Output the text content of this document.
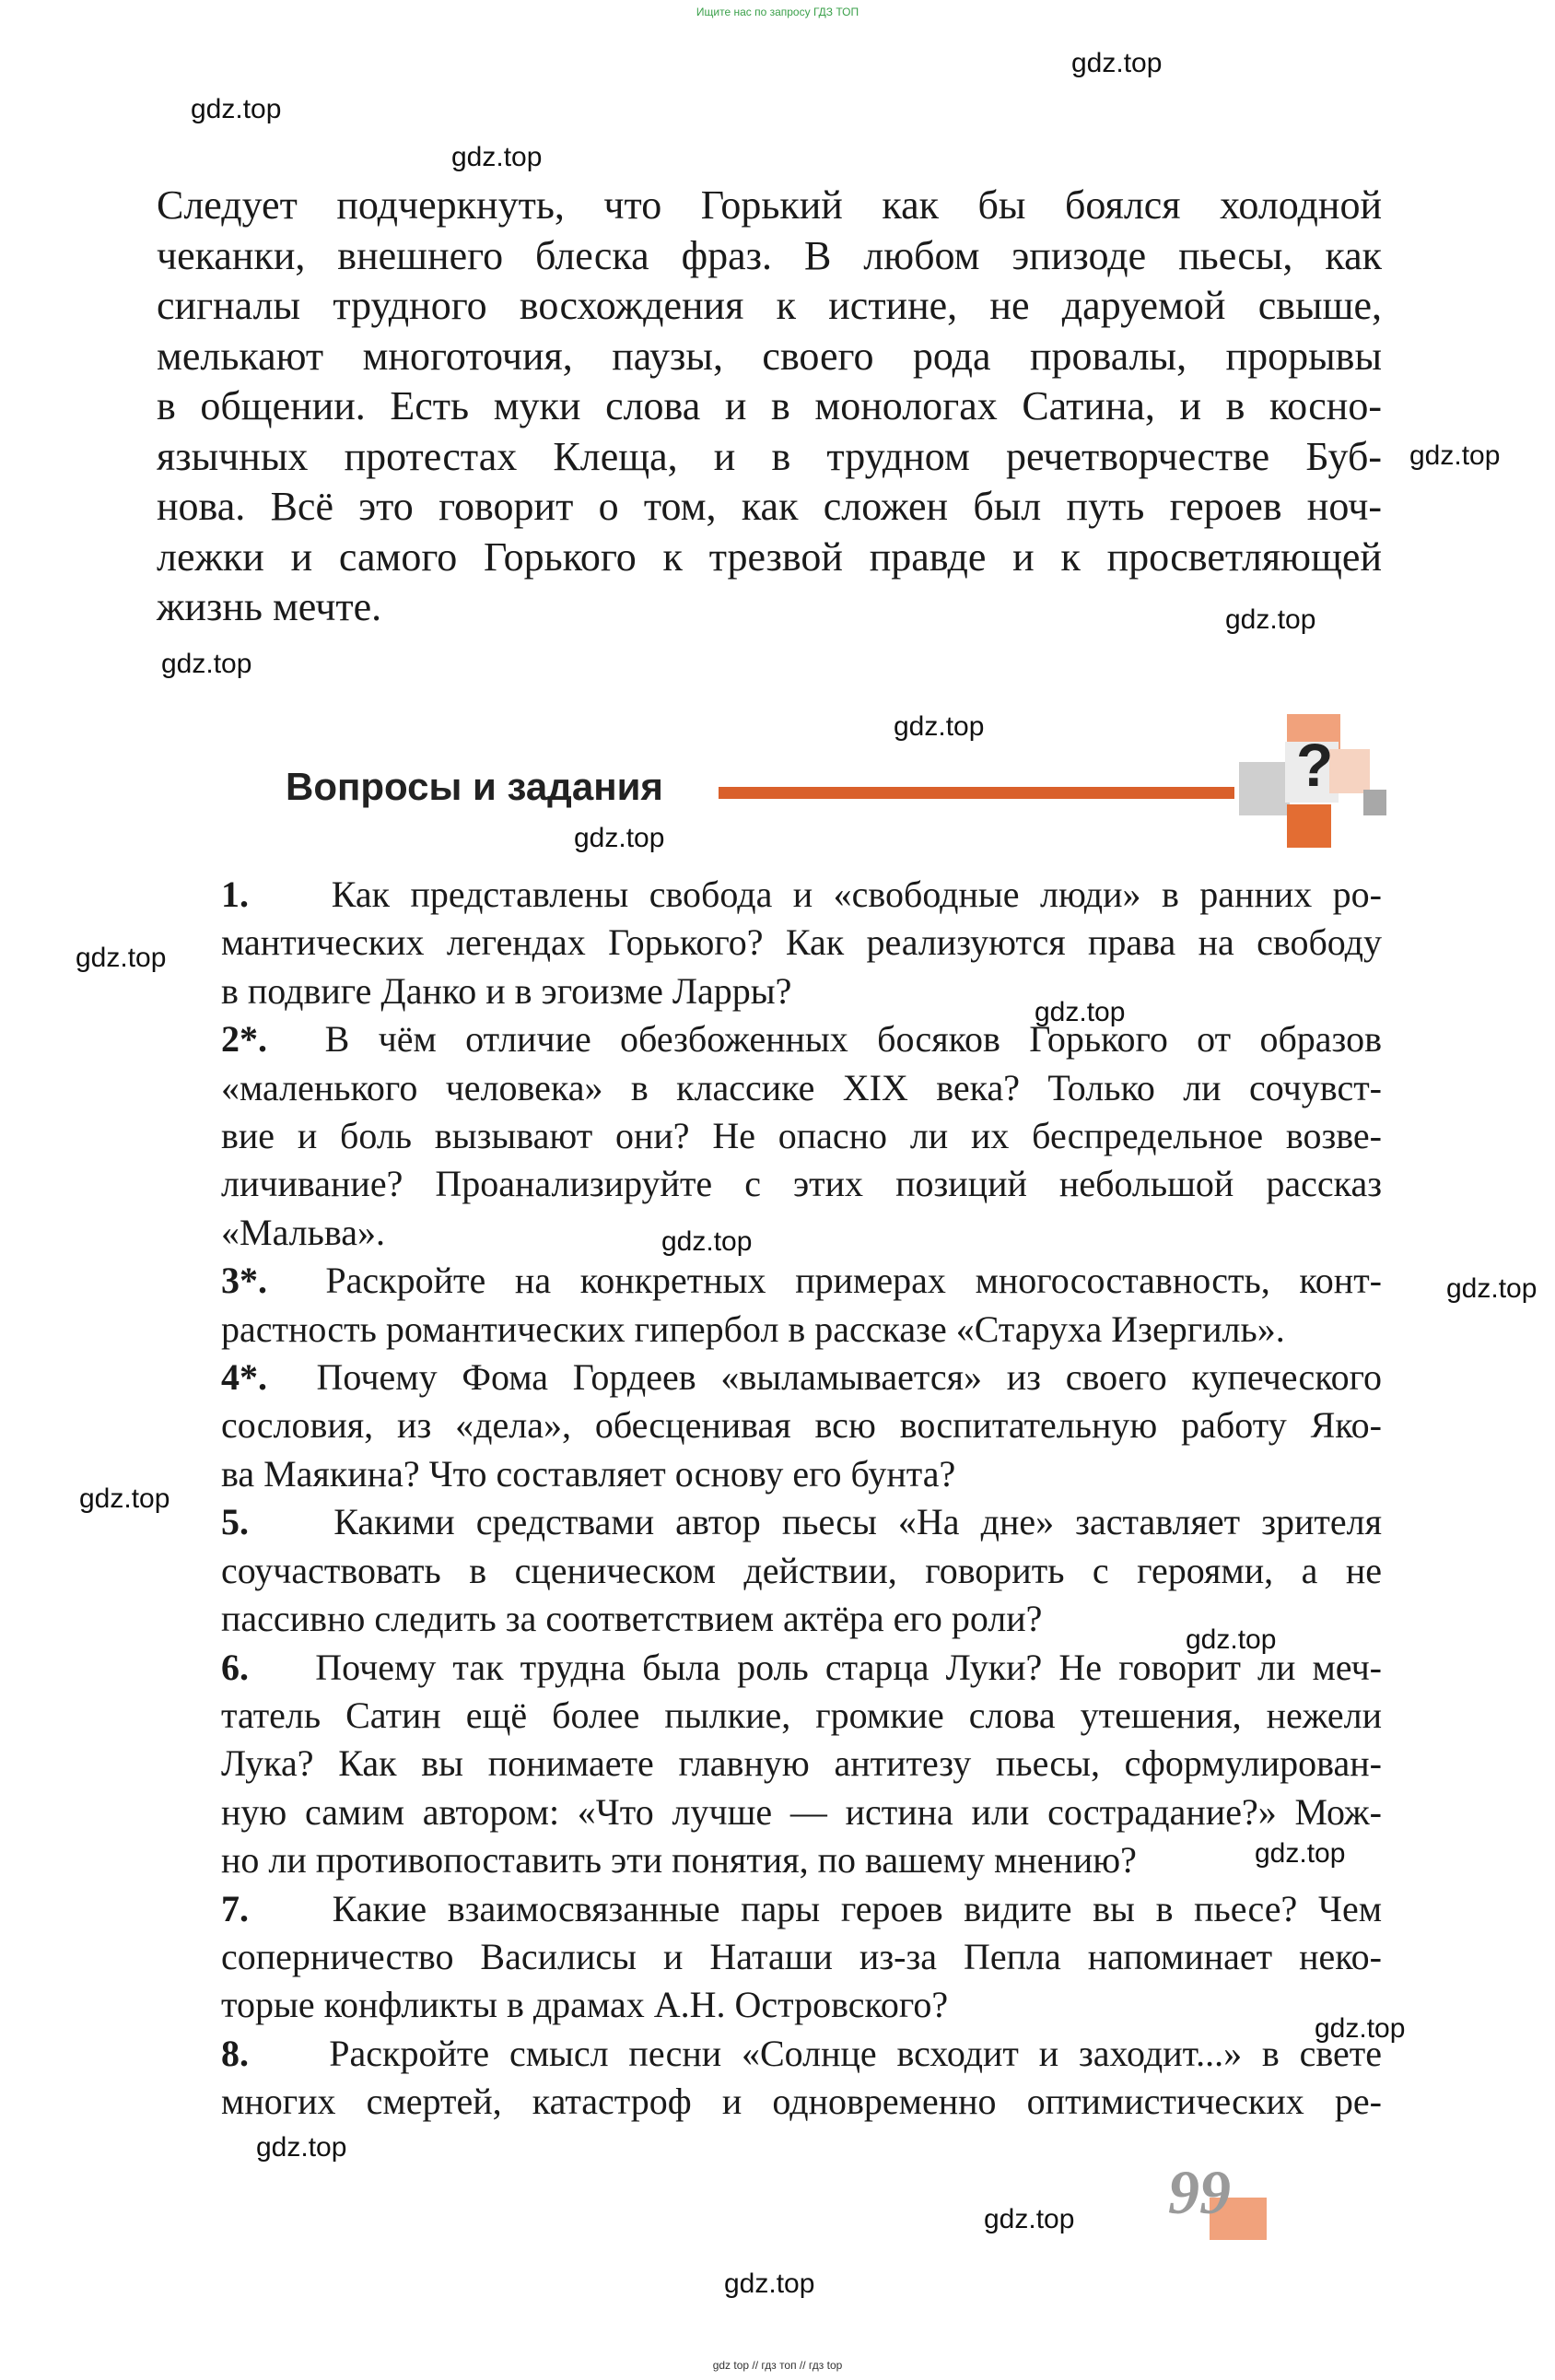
Ищите нас по запросу ГДЗ ТОП
gdz.top
gdz.top
gdz.top
gdz.top
gdz.top
gdz.top
gdz.top
gdz.top
gdz.top
gdz.top
gdz.top
gdz.top
gdz.top
gdz.top
gdz.top
gdz.top
gdz.top
gdz.top
gdz.top
Следует подчеркнуть, что Горький как бы боялся холодной
чеканки, внешнего блеска фраз. В любом эпизоде пьесы, как
сигналы трудного восхождения к истине, не даруемой свыше,
мелькают многоточия, паузы, своего рода провалы, прорывы
в общении. Есть муки слова и в монологах Сатина, и в косно-
язычных протестах Клеща, и в трудном речетворчестве Буб-
нова. Всё это говорит о том, как сложен был путь героев ноч-
лежки и самого Горького к трезвой правде и к просветляющей
жизнь мечте.
Вопросы и задания	?
1. Как представлены свобода и «свободные люди» в ранних ро-
мантических легендах Горького? Как реализуются права на свободу
в подвиге Данко и в эгоизме Ларры?
2*. В чём отличие обезбоженных босяков Горького от образов
«маленького человека» в классике XIX века? Только ли сочувст-
вие и боль вызывают они? Не опасно ли их беспредельное возве-
личивание? Проанализируйте с этих позиций небольшой рассказ
«Мальва».
3*. Раскройте на конкретных примерах многосоставность, конт-
растность романтических гипербол в рассказе «Старуха Изергиль».
4*. Почему Фома Гордеев «выламывается» из своего купеческого
сословия, из «дела», обесценивая всю воспитательную работу Яко-
ва Маякина? Что составляет основу его бунта?
5. Какими средствами автор пьесы «На дне» заставляет зрителя
соучаствовать в сценическом действии, говорить с героями, а не
пассивно следить за соответствием актёра его роли?
6. Почему так трудна была роль старца Луки? Не говорит ли меч-
татель Сатин ещё более пылкие, громкие слова утешения, нежели
Лука? Как вы понимаете главную антитезу пьесы, сформулирован-
ную самим автором: «Что лучше — истина или сострадание?» Мож-
но ли противопоставить эти понятия, по вашему мнению?
7. Какие взаимосвязанные пары героев видите вы в пьесе? Чем
соперничество Василисы и Наташи из-за Пепла напоминает неко-
торые конфликты в драмах А.Н. Островского?
8. Раскройте смысл песни «Солнце всходит и заходит...» в свете
многих смертей, катастроф и одновременно оптимистических ре-
99
gdz top // гдз топ // гдз top
